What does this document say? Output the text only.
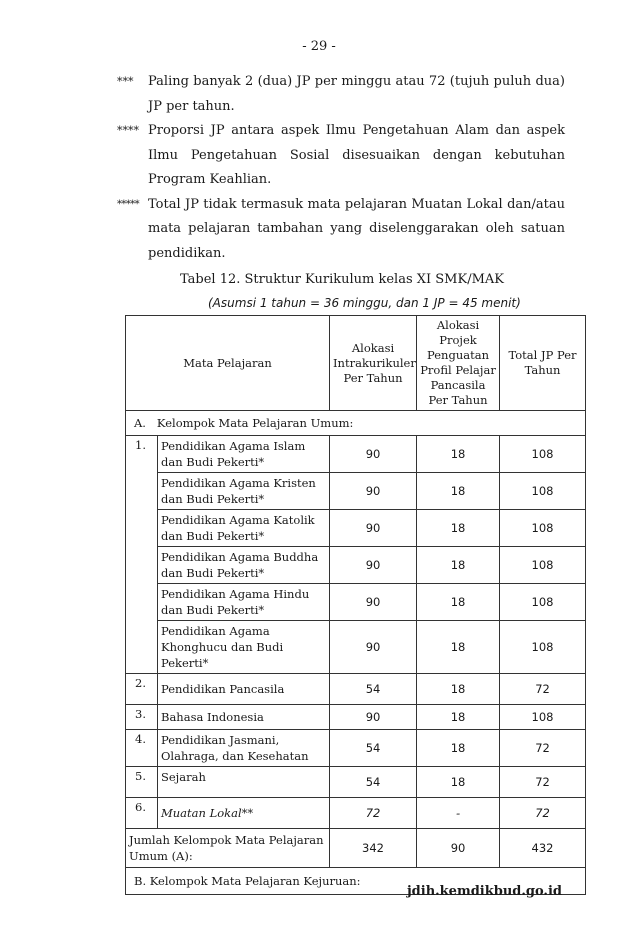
- 29 -
*** Paling banyak 2 (dua) JP per minggu atau 72 (tujuh puluh dua) JP per tahun.
**** Proporsi JP antara aspek Ilmu Pengetahuan Alam dan aspek Ilmu Pengetahuan Sosial disesuaikan dengan kebutuhan Program Keahlian.
***** Total JP tidak termasuk mata pelajaran Muatan Lokal dan/atau mata pelajaran tambahan yang diselenggarakan oleh satuan pendidikan.
Tabel 12. Struktur Kurikulum kelas XI SMK/MAK
(Asumsi 1 tahun = 36 minggu, dan 1 JP = 45 menit)
Mata Pelajaran		Alokasi Intrakurikuler Per Tahun	Alokasi Projek Penguatan Profil Pelajar Pancasila Per Tahun	Total JP Per Tahun
A.   Kelompok Mata Pelajaran Umum:				
1.	Pendidikan Agama Islam dan Budi Pekerti*	90	18	108
	Pendidikan Agama Kristen dan Budi Pekerti*	90	18	108
	Pendidikan Agama Katolik dan Budi Pekerti*	90	18	108
	Pendidikan Agama Buddha dan Budi Pekerti*	90	18	108
	Pendidikan Agama Hindu dan Budi Pekerti*	90	18	108
	Pendidikan Agama Khonghucu dan Budi Pekerti*	90	18	108
2.	Pendidikan Pancasila	54	18	72
3.	Bahasa Indonesia	90	18	108
4.	Pendidikan Jasmani, Olahraga, dan Kesehatan	54	18	72
5.	Sejarah	54	18	72
6.	Muatan Lokal**	72	-	72
Jumlah Kelompok Mata Pelajaran Umum (A):		342	90	432
B. Kelompok Mata Pelajaran Kejuruan:				
jdih.kemdikbud.go.id
